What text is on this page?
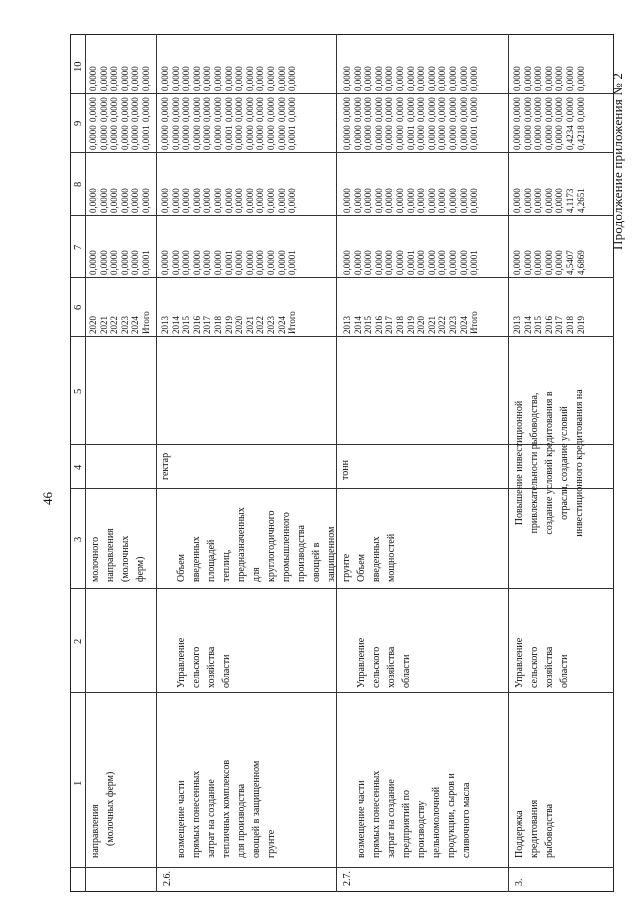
46
Продолжение приложения № 2
1
2
3
4
5
6
7
8
9
10
направления (молочных ферм)
молочного направления (молочных ферм)
2020 2021 2022 2023 2024 Итого
0,0000 0,0000 0,0000 0,0000 0,0000 0,0001
0,0000 0,0000 0,0000 0,0000 0,0000 0,0000
0,0000 0,0000 0,0000 0,0000 0,0000 0,0001
0,0000 0,0000 0,0000 0,0000 0,0000 0,0000
0,0000 0,0000 0,0000 0,0000 0,0000 0,0000
2.6.
возмещение части прямых понесенных затрат на создание тепличных комплексов для производства овощей в защищенном грунте
Управление сельского хозяйства области
Объем введенных площадей теплиц, предназначенных для круглогодичного промышленного производства овощей в защищенном грунте
гектар
2013 2014 2015 2016 2017 2018 2019 2020 2021 2022 2023 2024 Итого
0,0000 0,0000 0,0000 0,0000 0,0000 0,0000 0,0001 0,0000 0,0000 0,0000 0,0000 0,0000 0,0001
0,0000 0,0000 0,0000 0,0000 0,0000 0,0000 0,0000 0,0000 0,0000 0,0000 0,0000 0,0000 0,0000
0,0000 0,0000 0,0000 0,0000 0,0000 0,0000 0,0001 0,0000 0,0000 0,0000 0,0000 0,0000 0,0001
0,0000 0,0000 0,0000 0,0000 0,0000 0,0000 0,0000 0,0000 0,0000 0,0000 0,0000 0,0000 0,0000
0,0000 0,0000 0,0000 0,0000 0,0000 0,0000 0,0000 0,0000 0,0000 0,0000 0,0000 0,0000 0,0000
2.7.
возмещение части прямых понесенных затрат на создание предприятий по производству цельномолочной продукции, сыров и сливочного масла
Управление сельского хозяйства области
Объем введенных мощностей
тонн
2013 2014 2015 2016 2017 2018 2019 2020 2021 2022 2023 2024 Итого
0,0000 0,0000 0,0000 0,0000 0,0000 0,0000 0,0001 0,0000 0,0000 0,0000 0,0000 0,0000 0,0001
0,0000 0,0000 0,0000 0,0000 0,0000 0,0000 0,0000 0,0000 0,0000 0,0000 0,0000 0,0000 0,0000
0,0000 0,0000 0,0000 0,0000 0,0000 0,0000 0,0001 0,0000 0,0000 0,0000 0,0000 0,0000 0,0001
0,0000 0,0000 0,0000 0,0000 0,0000 0,0000 0,0000 0,0000 0,0000 0,0000 0,0000 0,0000 0,0000
0,0000 0,0000 0,0000 0,0000 0,0000 0,0000 0,0000 0,0000 0,0000 0,0000 0,0000 0,0000 0,0000
3.
Поддержка кредитования рыбоводства
Управление сельского хозяйства области
Повышение инвестиционной привлекательности рыбоводства, создание условий кредитования в отрасли, создание условий инвестиционного кредитования на
2013 2014 2015 2016 2017 2018 2019
0,0000 0,0000 0,0000 0,0000 0,0000 4,5407 4,6869
0,0000 0,0000 0,0000 0,0000 0,0000 4,1173 4,2651
0,0000 0,0000 0,0000 0,0000 0,0000 0,4234 0,4218
0,0000 0,0000 0,0000 0,0000 0,0000 0,0000 0,0000
0,0000 0,0000 0,0000 0,0000 0,0000 0,0000 0,0000
